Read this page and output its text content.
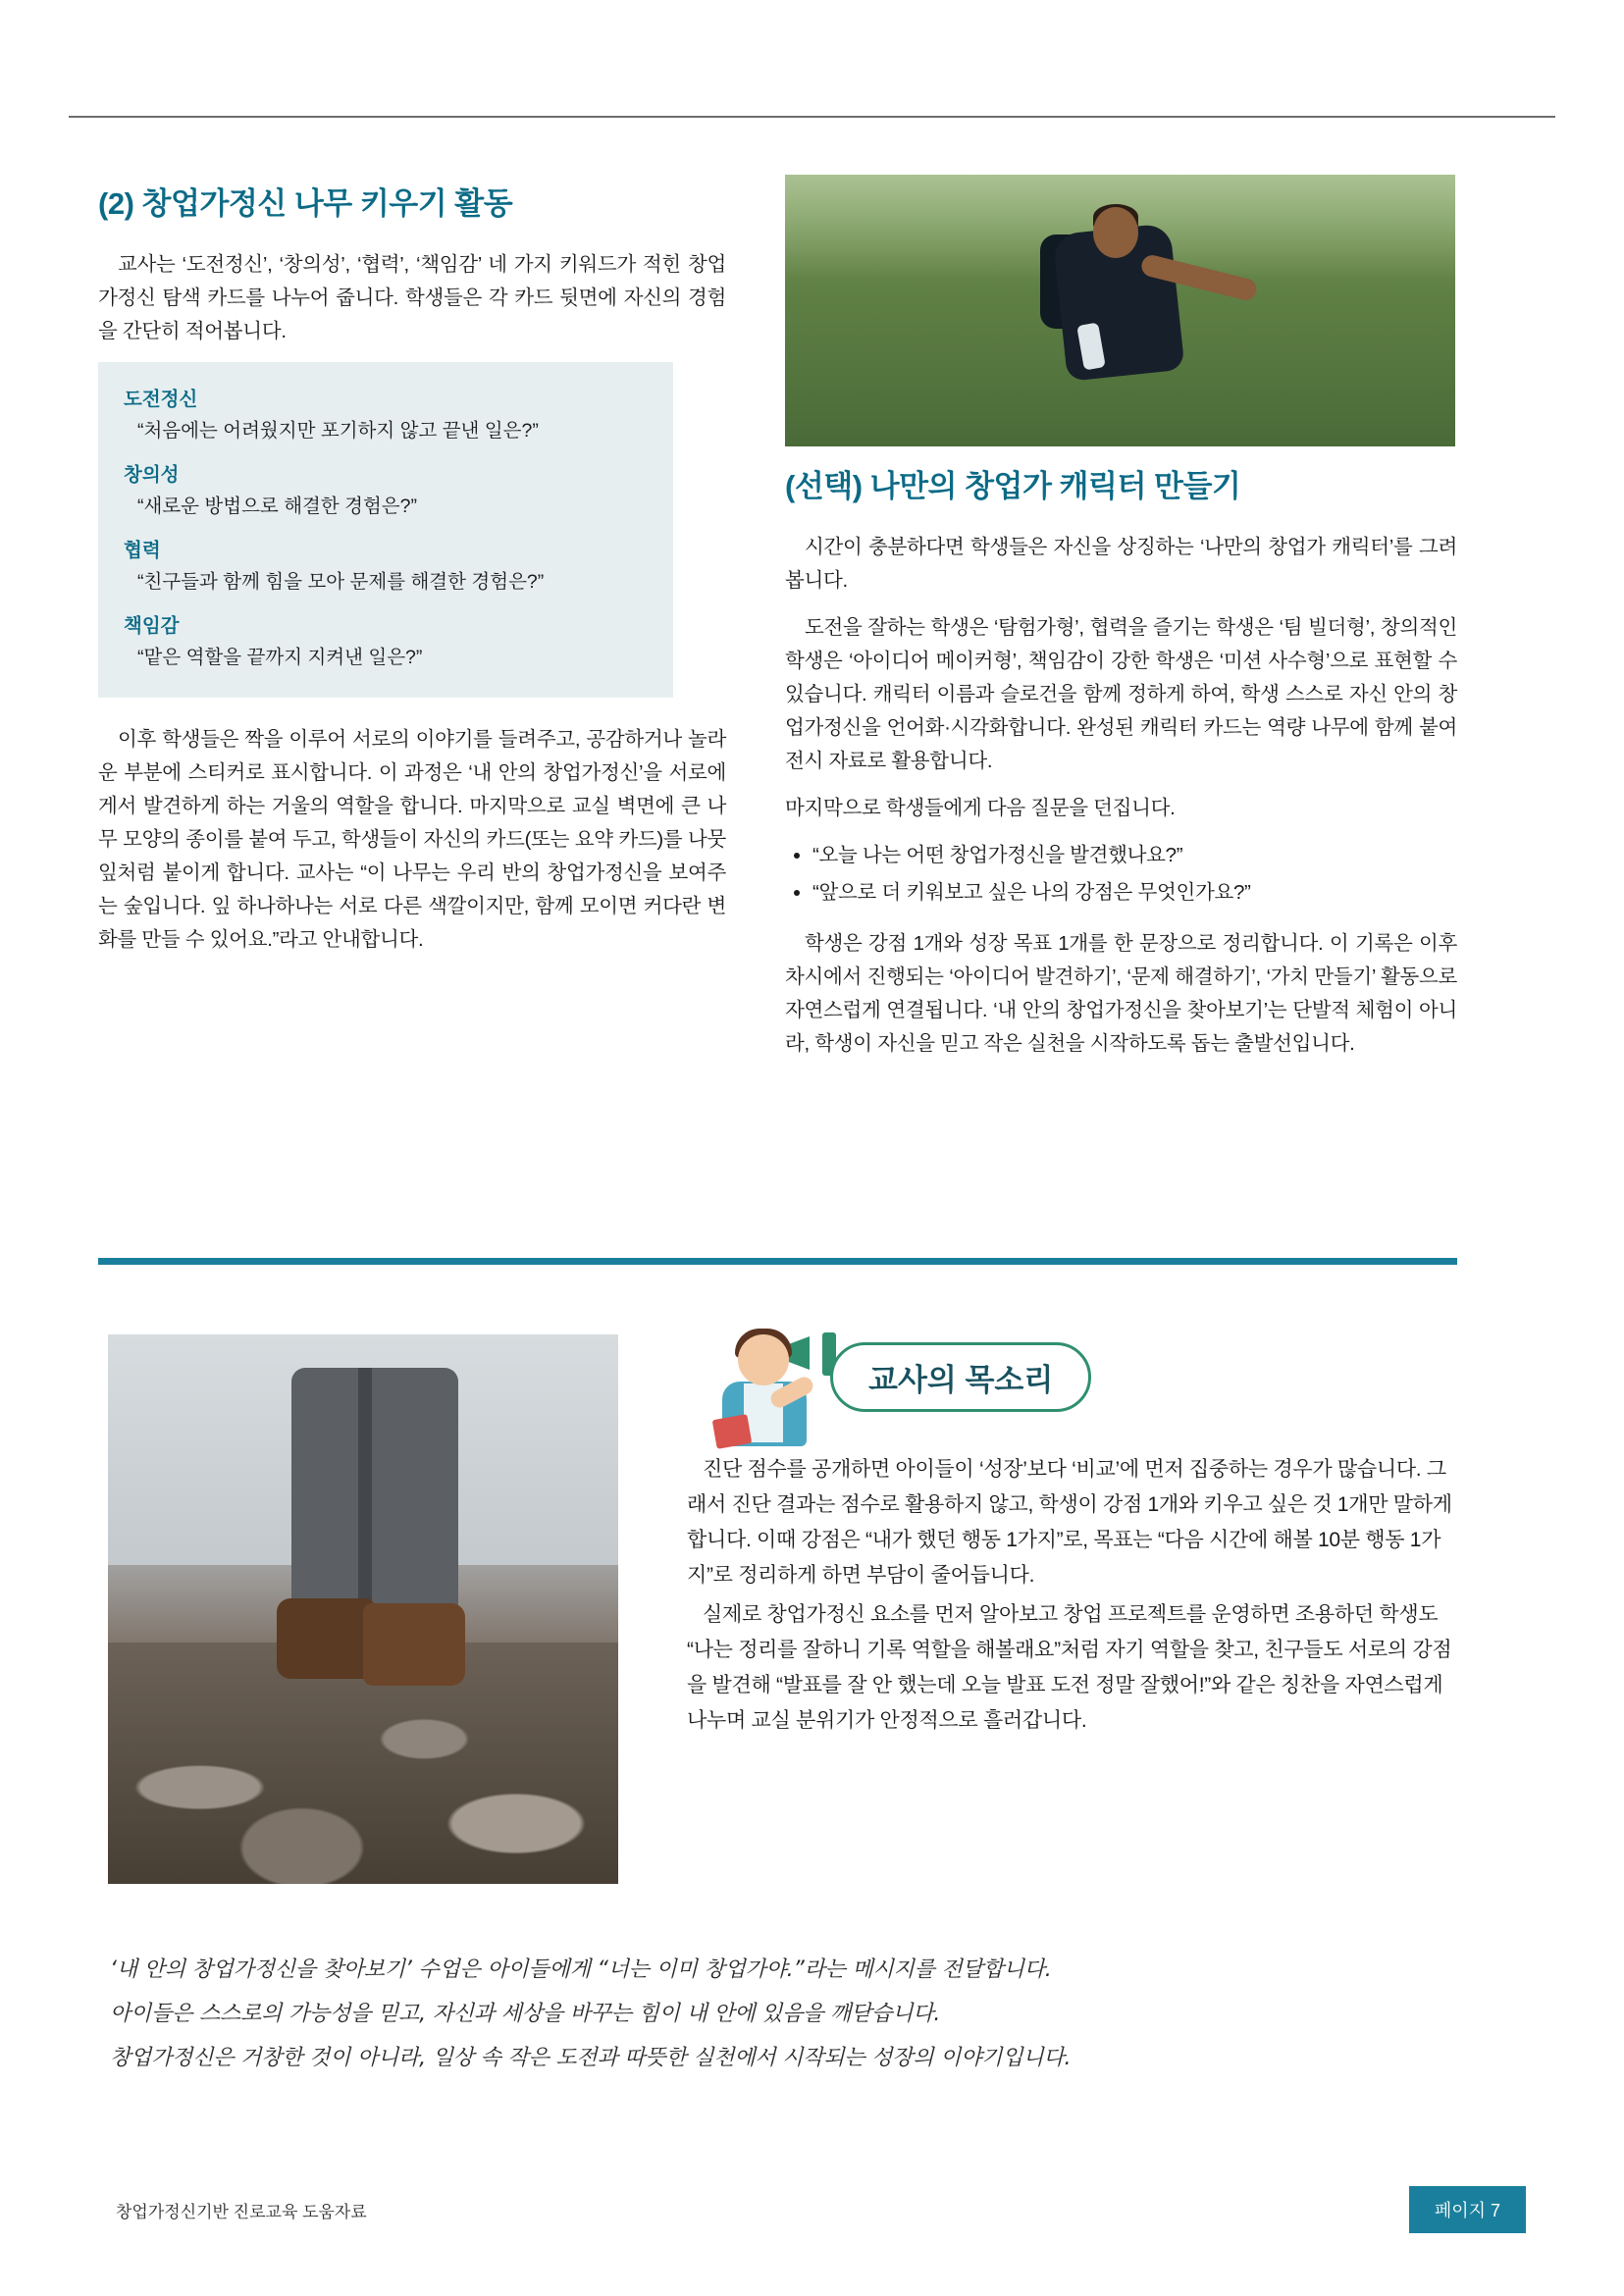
(2) 창업가정신 나무 키우기 활동

교사는 ‘도전정신’, ‘창의성’, ‘협력’, ‘책임감’ 네 가지 키워드가 적힌 창업가정신 탐색 카드를 나누어 줍니다. 학생들은 각 카드 뒷면에 자신의 경험을 간단히 적어봅니다.

도전정신

“처음에는 어려웠지만 포기하지 않고 끝낸 일은?”

창의성

“새로운 방법으로 해결한 경험은?”

협력

“친구들과 함께 힘을 모아 문제를 해결한 경험은?”

책임감

“맡은 역할을 끝까지 지켜낸 일은?”

이후 학생들은 짝을 이루어 서로의 이야기를 들려주고, 공감하거나 놀라운 부분에 스티커로 표시합니다. 이 과정은 ‘내 안의 창업가정신’을 서로에게서 발견하게 하는 거울의 역할을 합니다. 마지막으로 교실 벽면에 큰 나무 모양의 종이를 붙여 두고, 학생들이 자신의 카드(또는 요약 카드)를 나뭇잎처럼 붙이게 합니다. 교사는 “이 나무는 우리 반의 창업가정신을 보여주는 숲입니다. 잎 하나하나는 서로 다른 색깔이지만, 함께 모이면 커다란 변화를 만들 수 있어요.”라고 안내합니다.

(선택) 나만의 창업가 캐릭터 만들기

시간이 충분하다면 학생들은 자신을 상징하는 ‘나만의 창업가 캐릭터’를 그려 봅니다.

도전을 잘하는 학생은 ‘탐험가형’, 협력을 즐기는 학생은 ‘팀 빌더형’, 창의적인 학생은 ‘아이디어 메이커형’, 책임감이 강한 학생은 ‘미션 사수형’으로 표현할 수 있습니다. 캐릭터 이름과 슬로건을 함께 정하게 하여, 학생 스스로 자신 안의 창업가정신을 언어화·시각화합니다. 완성된 캐릭터 카드는 역량 나무에 함께 붙여 전시 자료로 활용합니다.

마지막으로 학생들에게 다음 질문을 던집니다.

• “오늘 나는 어떤 창업가정신을 발견했나요?”
• “앞으로 더 키워보고 싶은 나의 강점은 무엇인가요?”

학생은 강점 1개와 성장 목표 1개를 한 문장으로 정리합니다. 이 기록은 이후 차시에서 진행되는 ‘아이디어 발견하기’, ‘문제 해결하기’, ‘가치 만들기’ 활동으로 자연스럽게 연결됩니다. ‘내 안의 창업가정신을 찾아보기’는 단발적 체험이 아니라, 학생이 자신을 믿고 작은 실천을 시작하도록 돕는 출발선입니다.

교사의 목소리

진단 점수를 공개하면 아이들이 ‘성장’보다 ‘비교’에 먼저 집중하는 경우가 많습니다. 그래서 진단 결과는 점수로 활용하지 않고, 학생이 강점 1개와 키우고 싶은 것 1개만 말하게 합니다. 이때 강점은 “내가 했던 행동 1가지”로, 목표는 “다음 시간에 해볼 10분 행동 1가지”로 정리하게 하면 부담이 줄어듭니다.

실제로 창업가정신 요소를 먼저 알아보고 창업 프로젝트를 운영하면 조용하던 학생도 “나는 정리를 잘하니 기록 역할을 해볼래요”처럼 자기 역할을 찾고, 친구들도 서로의 강점을 발견해 “발표를 잘 안 했는데 오늘 발표 도전 정말 잘했어!”와 같은 칭찬을 자연스럽게 나누며 교실 분위기가 안정적으로 흘러갑니다.

‘내 안의 창업가정신을 찾아보기’ 수업은 아이들에게 “너는 이미 창업가야.”라는 메시지를 전달합니다.
아이들은 스스로의 가능성을 믿고, 자신과 세상을 바꾸는 힘이 내 안에 있음을 깨닫습니다.
창업가정신은 거창한 것이 아니라, 일상 속 작은 도전과 따뜻한 실천에서 시작되는 성장의 이야기입니다.
창업가정신기반 진로교육 도움자료	페이지 7
